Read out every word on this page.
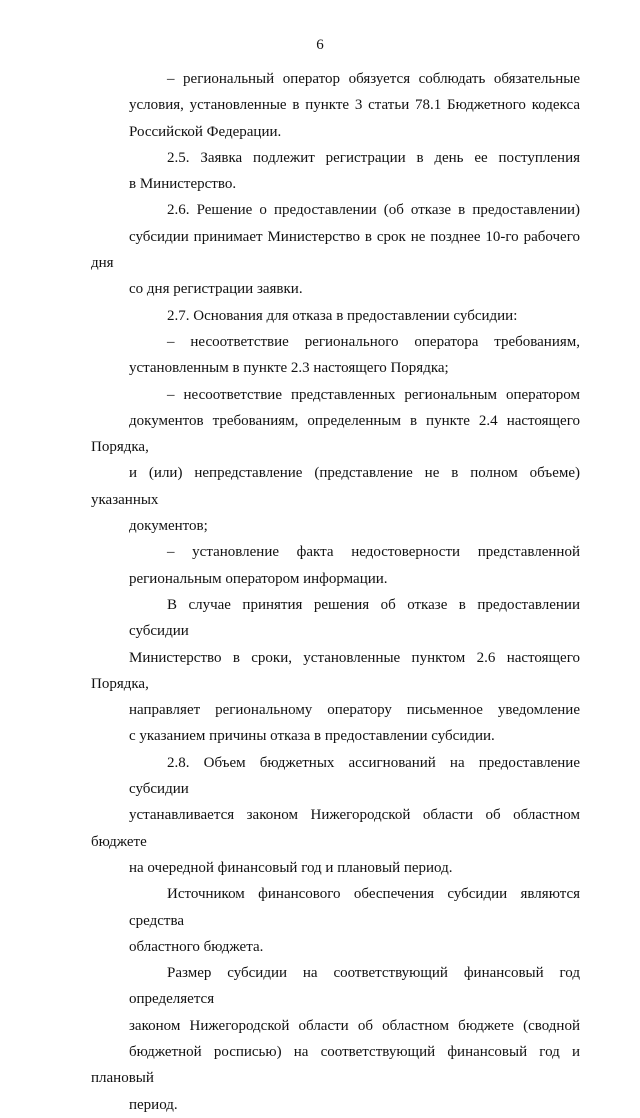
6
– региональный оператор обязуется соблюдать обязательные
условия, установленные в пункте 3 статьи 78.1 Бюджетного кодекса
Российской Федерации.
2.5. Заявка подлежит регистрации в день ее поступления
в Министерство.
2.6. Решение о предоставлении (об отказе в предоставлении)
субсидии принимает Министерство в срок не позднее 10-го рабочего дня
со дня регистрации заявки.
2.7. Основания для отказа в предоставлении субсидии:
– несоответствие регионального оператора требованиям,
установленным в пункте 2.3 настоящего Порядка;
– несоответствие представленных региональным оператором
документов требованиям, определенным в пункте 2.4 настоящего Порядка,
и (или) непредставление (представление не в полном объеме) указанных
документов;
– установление факта недостоверности представленной
региональным оператором информации.
В случае принятия решения об отказе в предоставлении субсидии
Министерство в сроки, установленные пунктом 2.6 настоящего Порядка,
направляет региональному оператору письменное уведомление
с указанием причины отказа в предоставлении субсидии.
2.8. Объем бюджетных ассигнований на предоставление субсидии
устанавливается законом Нижегородской области об областном бюджете
на очередной финансовый год и плановый период.
Источником финансового обеспечения субсидии являются средства
областного бюджета.
Размер субсидии на соответствующий финансовый год определяется
законом Нижегородской области об областном бюджете (сводной
бюджетной росписью) на соответствующий финансовый год и плановый
период.
